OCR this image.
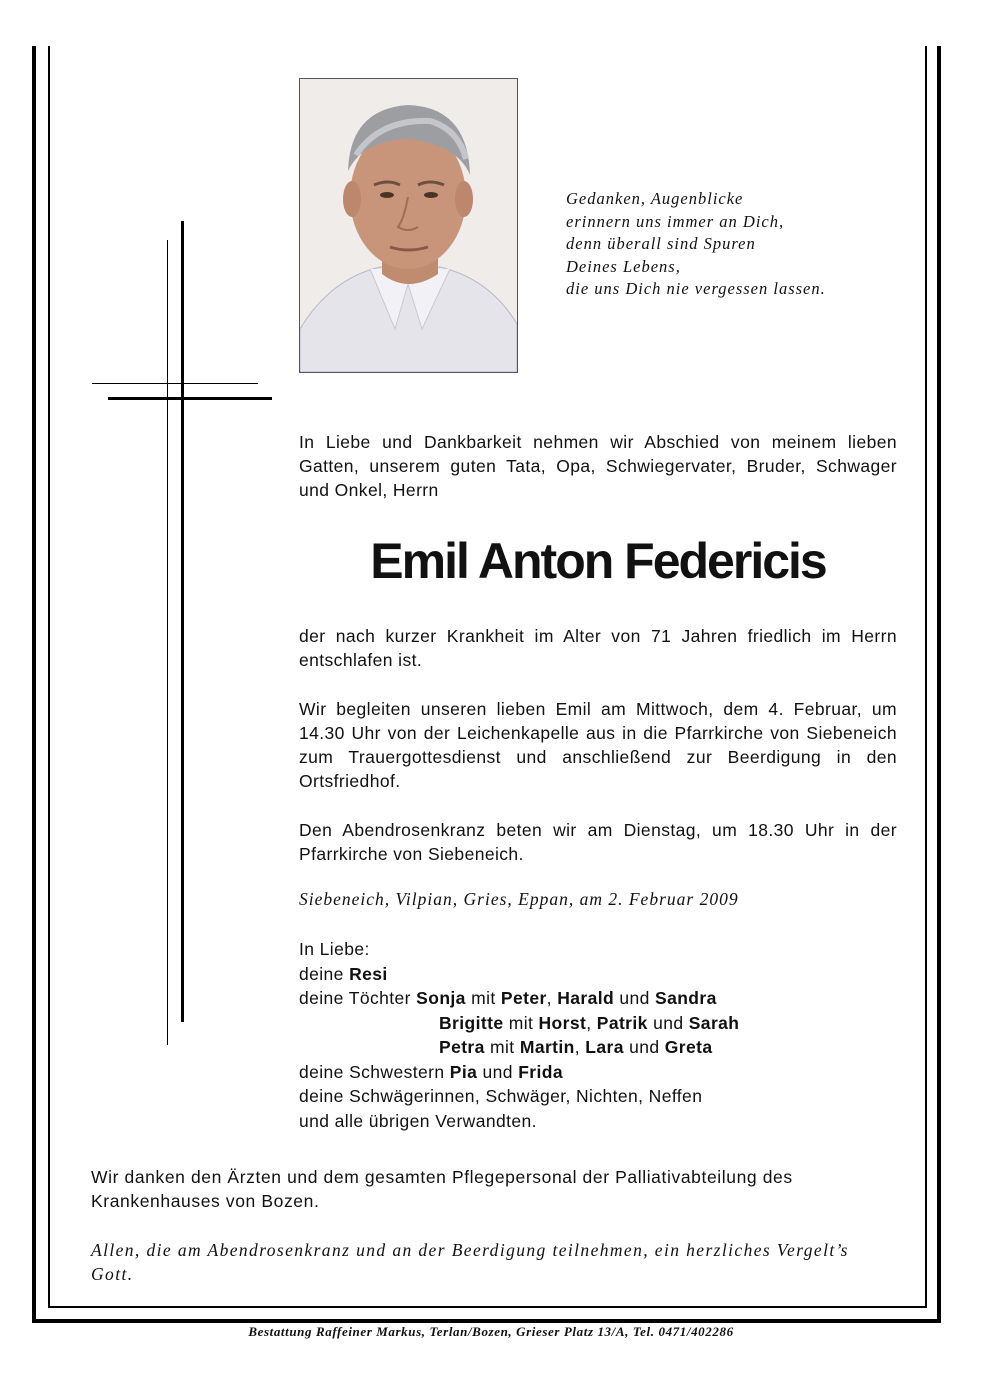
Gedanken, Augenblicke
erinnern uns immer an Dich,
denn überall sind Spuren
Deines Lebens,
die uns Dich nie vergessen lassen.
In Liebe und Dankbarkeit nehmen wir Abschied von meinem lieben Gatten, unserem guten Tata, Opa, Schwiegervater, Bruder, Schwager und Onkel, Herrn
Emil Anton Federicis
der nach kurzer Krankheit im Alter von 71 Jahren friedlich im Herrn entschlafen ist.
Wir begleiten unseren lieben Emil am Mittwoch, dem 4. Februar, um 14.30 Uhr von der Leichenkapelle aus in die Pfarrkirche von Siebeneich zum Trauergottesdienst und anschließend zur Beerdigung in den Ortsfriedhof.
Den Abendrosenkranz beten wir am Dienstag, um 18.30 Uhr in der Pfarrkirche von Siebeneich.
Siebeneich, Vilpian, Gries, Eppan, am 2. Februar 2009
In Liebe:
deine Resi
deine Töchter Sonja mit Peter, Harald und Sandra
Brigitte mit Horst, Patrik und Sarah
Petra mit Martin, Lara und Greta
deine Schwestern Pia und Frida
deine Schwägerinnen, Schwäger, Nichten, Neffen
und alle übrigen Verwandten.
Wir danken den Ärzten und dem gesamten Pflegepersonal der Palliativabteilung des Krankenhauses von Bozen.
Allen, die am Abendrosenkranz und an der Beerdigung teilnehmen, ein herzliches Vergelt’s Gott.
Bestattung Raffeiner Markus, Terlan/Bozen, Grieser Platz 13/A, Tel. 0471/402286
